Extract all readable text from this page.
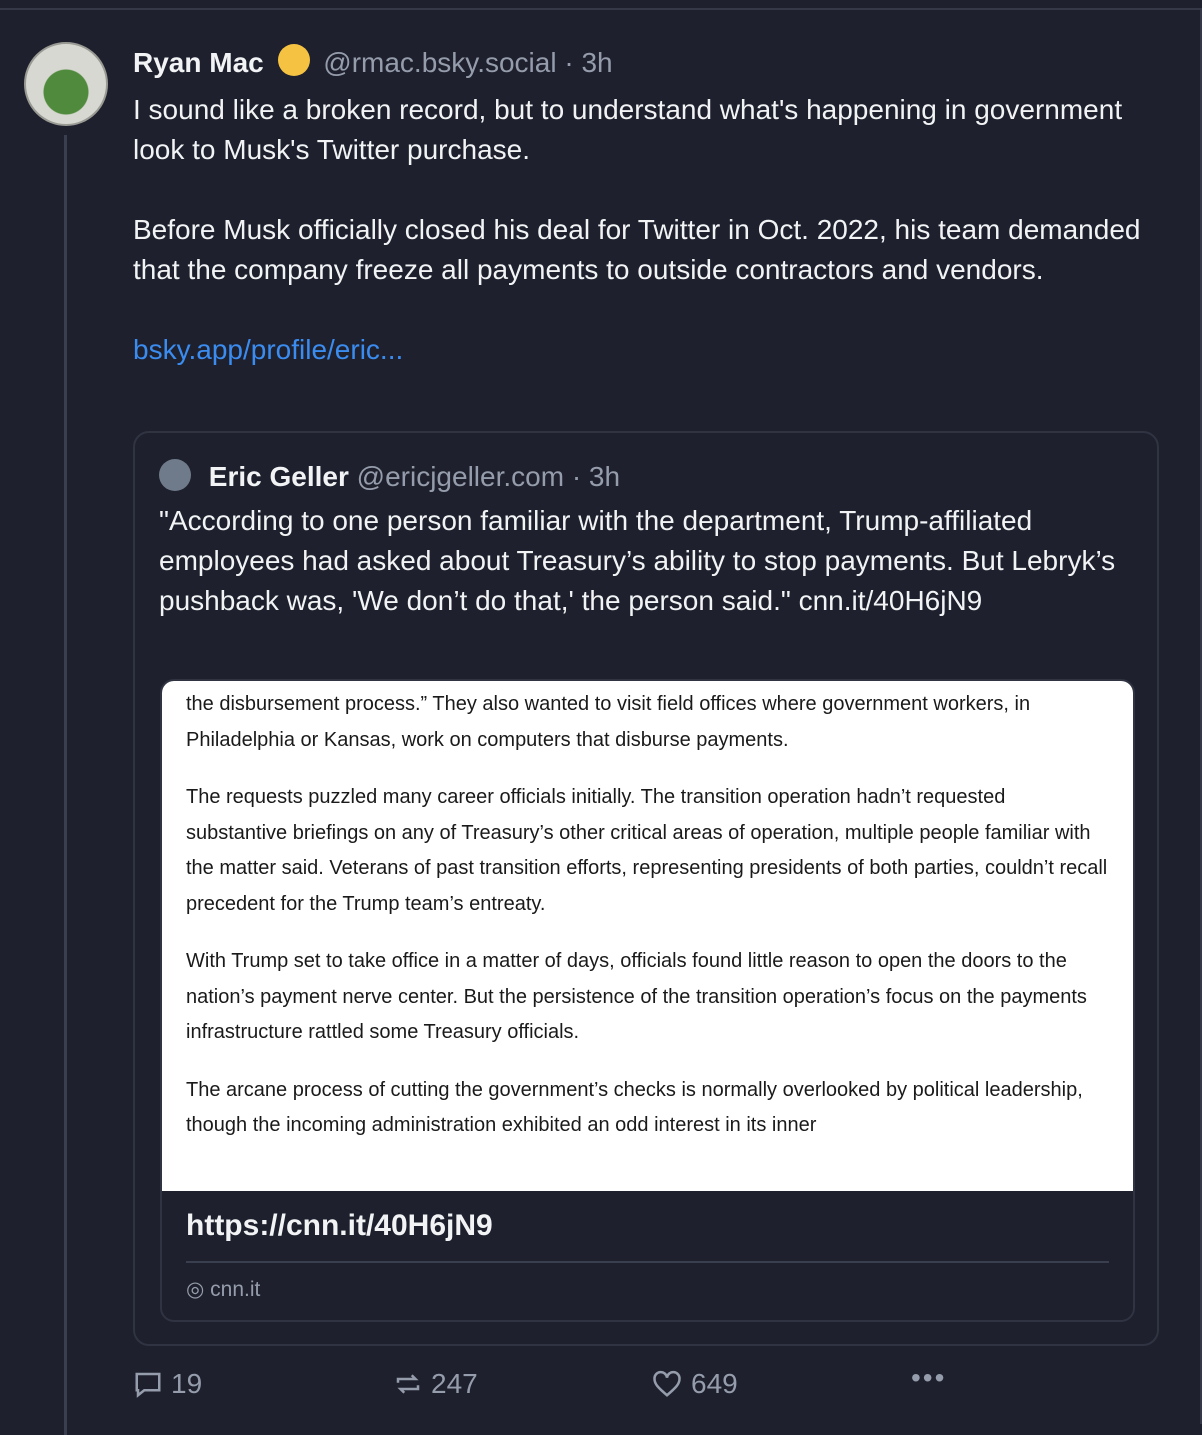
Ryan Mac @rmac.bsky.social · 3h

I sound like a broken record, but to understand what's happening in government look to Musk's Twitter purchase.

Before Musk officially closed his deal for Twitter in Oct. 2022, his team demanded that the company freeze all payments to outside contractors and vendors.

bsky.app/profile/eric...

Eric Geller @ericjgeller.com · 3h
"According to one person familiar with the department, Trump-affiliated employees had asked about Treasury’s ability to stop payments. But Lebryk’s pushback was, 'We don’t do that,' the person said." cnn.it/40H6jN9

the disbursement process.” They also wanted to visit field offices where government workers, in Philadelphia or Kansas, work on computers that disburse payments.

The requests puzzled many career officials initially. The transition operation hadn’t requested substantive briefings on any of Treasury’s other critical areas of operation, multiple people familiar with the matter said. Veterans of past transition efforts, representing presidents of both parties, couldn’t recall precedent for the Trump team’s entreaty.

With Trump set to take office in a matter of days, officials found little reason to open the doors to the nation’s payment nerve center. But the persistence of the transition operation’s focus on the payments infrastructure rattled some Treasury officials.

The arcane process of cutting the government’s checks is normally overlooked by political leadership, though the incoming administration exhibited an odd interest in its inner

https://cnn.it/40H6jN9
◎ cnn.it
19	247	649	•••
